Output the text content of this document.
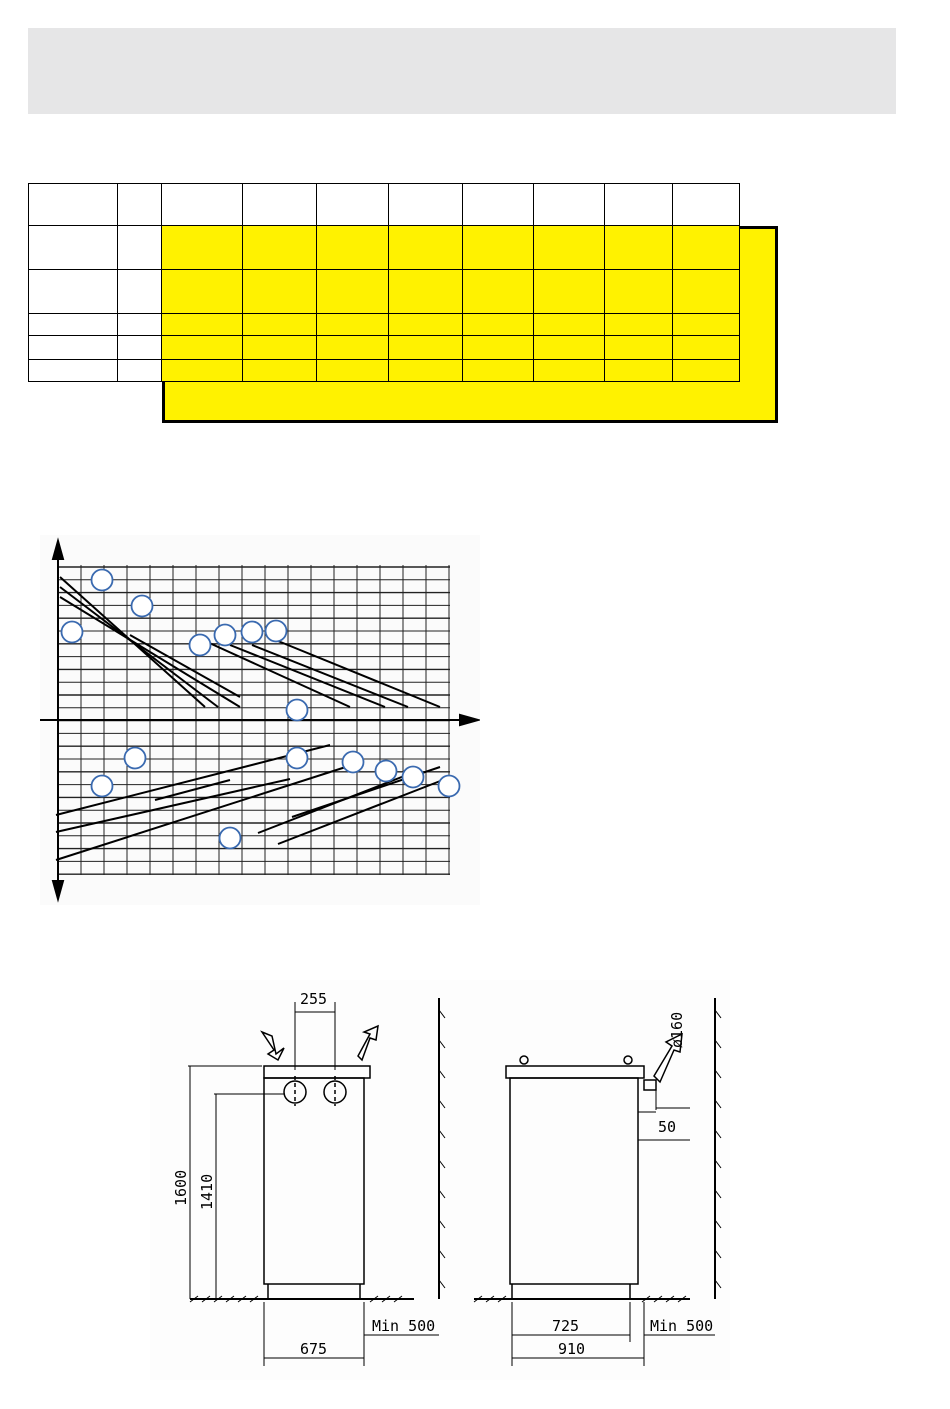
255
1600 1410
675
Min 500
ø160
50
725
910
Min 500
